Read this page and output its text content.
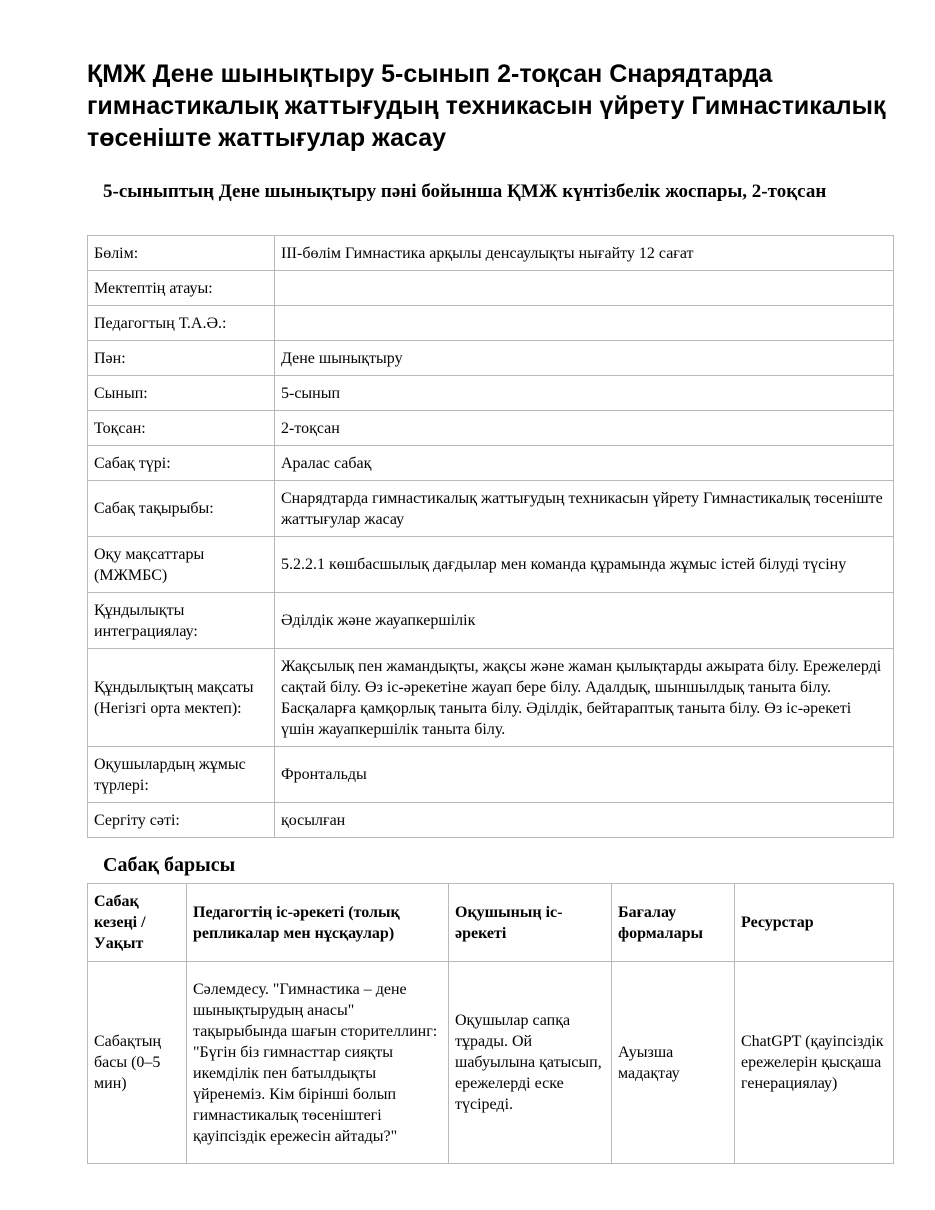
ҚМЖ Дене шынықтыру 5-сынып 2-тоқсан Снарядтарда гимнастикалық жаттығудың техникасын үйрету Гимнастикалық төсеніште жаттығулар жасау
5-сыныптың Дене шынықтыру пәні бойынша ҚМЖ күнтізбелік жоспары, 2-тоқсан
Бөлім:	III-бөлім Гимнастика арқылы денсаулықты нығайту 12 сағат
Мектептің атауы:	
Педагогтың Т.А.Ә.:	
Пән:	Дене шынықтыру
Сынып:	5-сынып
Тоқсан:	2-тоқсан
Сабақ түрі:	Аралас сабақ
Сабақ тақырыбы:	Снарядтарда гимнастикалық жаттығудың техникасын үйрету Гимнастикалық төсеніште жаттығулар жасау
Оқу мақсаттары (МЖМБС)	5.2.2.1 көшбасшылық дағдылар мен команда құрамында жұмыс істей білуді түсіну
Құндылықты интеграциялау:	Әділдік және жауапкершілік
Құндылықтың мақсаты (Негізгі орта мектеп):	Жақсылық пен жамандықты, жақсы және жаман қылықтарды ажырата білу. Ережелерді сақтай білу. Өз іс-әрекетіне жауап бере білу. Адалдық, шыншылдық таныта білу. Басқаларға қамқорлық таныта білу. Әділдік, бейтараптық таныта білу. Өз іс-әрекеті үшін жауапкершілік таныта білу.
Оқушылардың жұмыс түрлері:	Фронтальды
Сергіту сәті:	қосылған
Сабақ барысы
Сабақ кезеңі / Уақыт	Педагогтің іс-әрекеті (толық репликалар мен нұсқаулар)	Оқушының іс-әрекеті	Бағалау формалары	Ресурстар
Сабақтың басы (0–5 мин)	Сәлемдесу. "Гимнастика – дене шынықтырудың анасы" тақырыбында шағын сторителлинг: "Бүгін біз гимнасттар сияқты икемділік пен батылдықты үйренеміз. Кім бірінші болып гимнастикалық төсеніштегі қауіпсіздік ережесін айтады?"	Оқушылар сапқа тұрады. Ой шабуылына қатысып, ережелерді еске түсіреді.	Ауызша мадақтау	ChatGPT (қауіпсіздік ережелерін қысқаша генерациялау)
